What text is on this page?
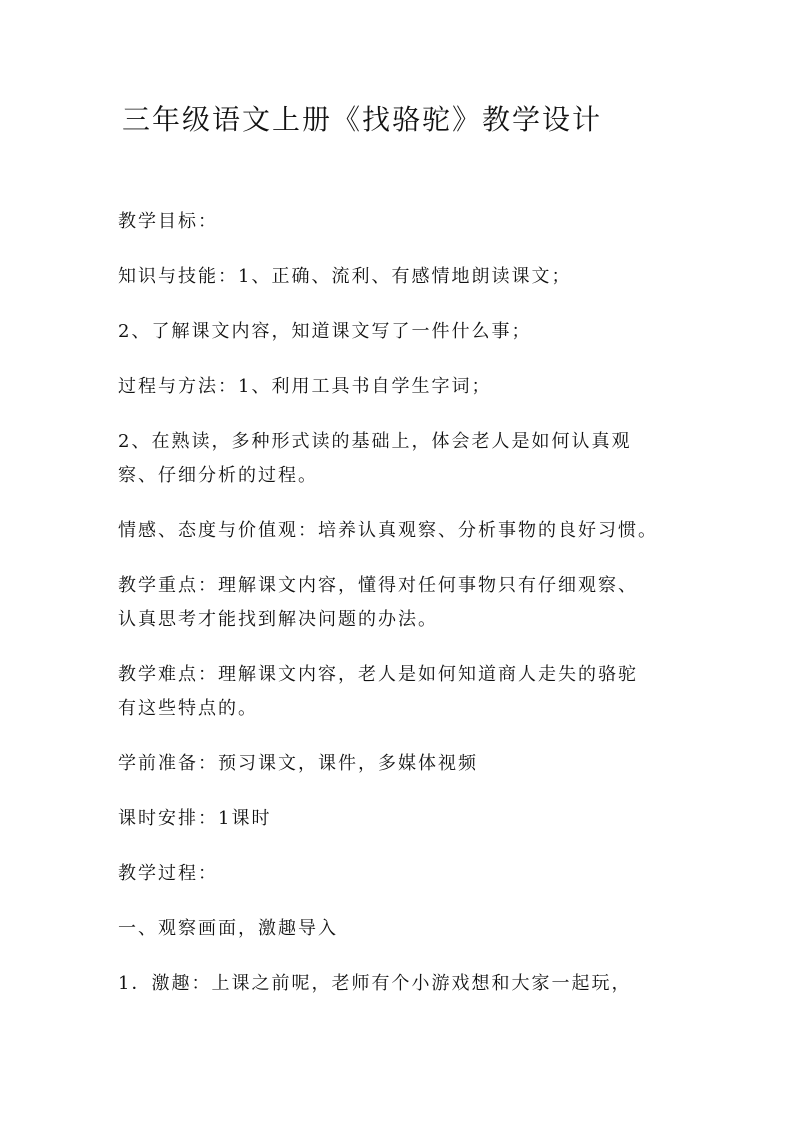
三年级语文上册《找骆驼》教学设计

教学目标：

知识与技能：1、正确、流利、有感情地朗读课文；

2、了解课文内容，知道课文写了一件什么事；

过程与方法：1、利用工具书自学生字词；

2、在熟读，多种形式读的基础上，体会老人是如何认真观
察、仔细分析的过程。

情感、态度与价值观：培养认真观察、分析事物的良好习惯。

教学重点：理解课文内容，懂得对任何事物只有仔细观察、
认真思考才能找到解决问题的办法。

教学难点：理解课文内容，老人是如何知道商人走失的骆驼
有这些特点的。

学前准备：预习课文，课件，多媒体视频

课时安排：1课时

教学过程：

一、观察画面，激趣导入

1．激趣：上课之前呢，老师有个小游戏想和大家一起玩，
